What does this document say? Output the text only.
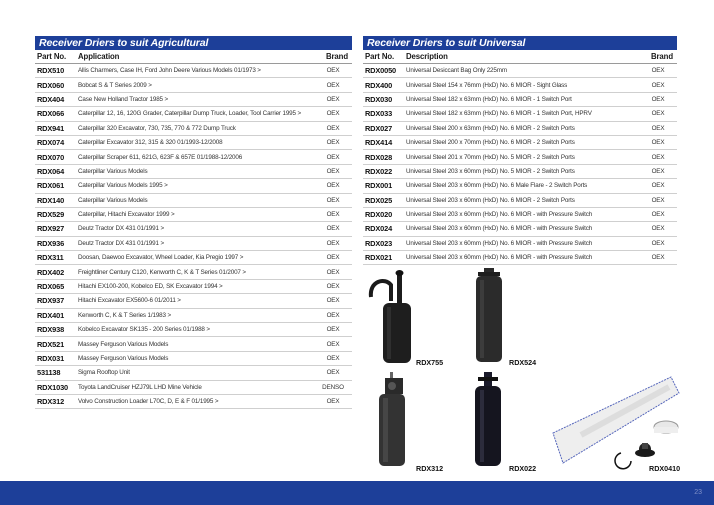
Receiver Driers to suit Agricultural
Part No.	Application	Brand
RDX510	Allis Charmers, Case IH, Ford John Deere Various Models 01/1973 >	OEX
RDX060	Bobcat S & T Series 2009 >	OEX
RDX404	Case New Holland Tractor 1985 >	OEX
RDX066	Caterpillar 12, 16, 120G Grader, Caterpillar Dump Truck, Loader, Tool Carrier 1995 >	OEX
RDX941	Caterpillar 320 Excavator, 730, 735, 770 & 772 Dump Truck	OEX
RDX074	Caterpillar Excavator 312, 315 & 320 01/1993-12/2008	OEX
RDX070	Caterpillar Scraper 611, 621G, 623F & 657E 01/1988-12/2006	OEX
RDX064	Caterpillar Various Models	OEX
RDX061	Caterpillar Various Models 1995 >	OEX
RDX140	Caterpillar Various Models	OEX
RDX529	Caterpillar, Hitachi Excavator 1999 >	OEX
RDX927	Deutz Tractor DX 431 01/1991 >	OEX
RDX936	Deutz Tractor DX 431 01/1991 >	OEX
RDX311	Doosan, Daewoo Excavator, Wheel Loader, Kia Pregio 1997 >	OEX
RDX402	Freightliner Century C120, Kenworth C, K & T Series 01/2007 >	OEX
RDX065	Hitachi EX100-200, Kobelco ED, SK Excavator 1994 >	OEX
RDX937	Hitachi Excavator EX5600-6 01/2011 >	OEX
RDX401	Kenworth C, K & T Series 1/1983 >	OEX
RDX938	Kobelco Excavator SK135 - 200 Series 01/1988 >	OEX
RDX521	Massey Ferguson Various Models	OEX
RDX031	Massey Ferguson Various Models	OEX
531138	Sigma Rooftop Unit	OEX
RDX1030	Toyota LandCruiser HZJ79L LHD Mine Vehicle	DENSO
RDX312	Volvo Construction Loader L70C, D, E & F 01/1995 >	OEX
Receiver Driers to suit Universal
Part No.	Description	Brand
RDX0050	Universal Desiccant Bag Only 225mm	OEX
RDX400	Universal Steel 154 x 76mm (HxD) No. 6 MIOR - Sight Glass	OEX
RDX030	Universal Steel 182 x 63mm (HxD) No. 6 MIOR - 1 Switch Port	OEX
RDX033	Universal Steel 182 x 63mm (HxD) No. 6 MIOR - 1 Switch Port, HPRV	OEX
RDX027	Universal Steel 200 x 63mm (HxD) No. 6 MIOR - 2 Switch Ports	OEX
RDX414	Universal Steel 200 x 70mm (HxD) No. 6 MIOR - 2 Switch Ports	OEX
RDX028	Universal Steel 201 x 70mm (HxD) No. 5 MIOR - 2 Switch Ports	OEX
RDX022	Universal Steel 203 x 60mm (HxD) No. 5 MIOR - 2 Switch Ports	OEX
RDX001	Universal Steel 203 x 60mm (HxD) No. 6 Male Flare - 2 Switch Ports	OEX
RDX025	Universal Steel 203 x 60mm (HxD) No. 6 MIOR - 2 Switch Ports	OEX
RDX020	Universal Steel 203 x 60mm (HxD) No. 6 MIOR - with Pressure Switch	OEX
RDX024	Universal Steel 203 x 60mm (HxD) No. 6 MIOR - with Pressure Switch	OEX
RDX023	Universal Steel 203 x 60mm (HxD) No. 6 MIOR - with Pressure Switch	OEX
RDX021	Universal Steel 203 x 60mm (HxD) No. 6 MIOR - with Pressure Switch	OEX
RDX755	RDX524
RDX312	RDX022	RDX0410
23
